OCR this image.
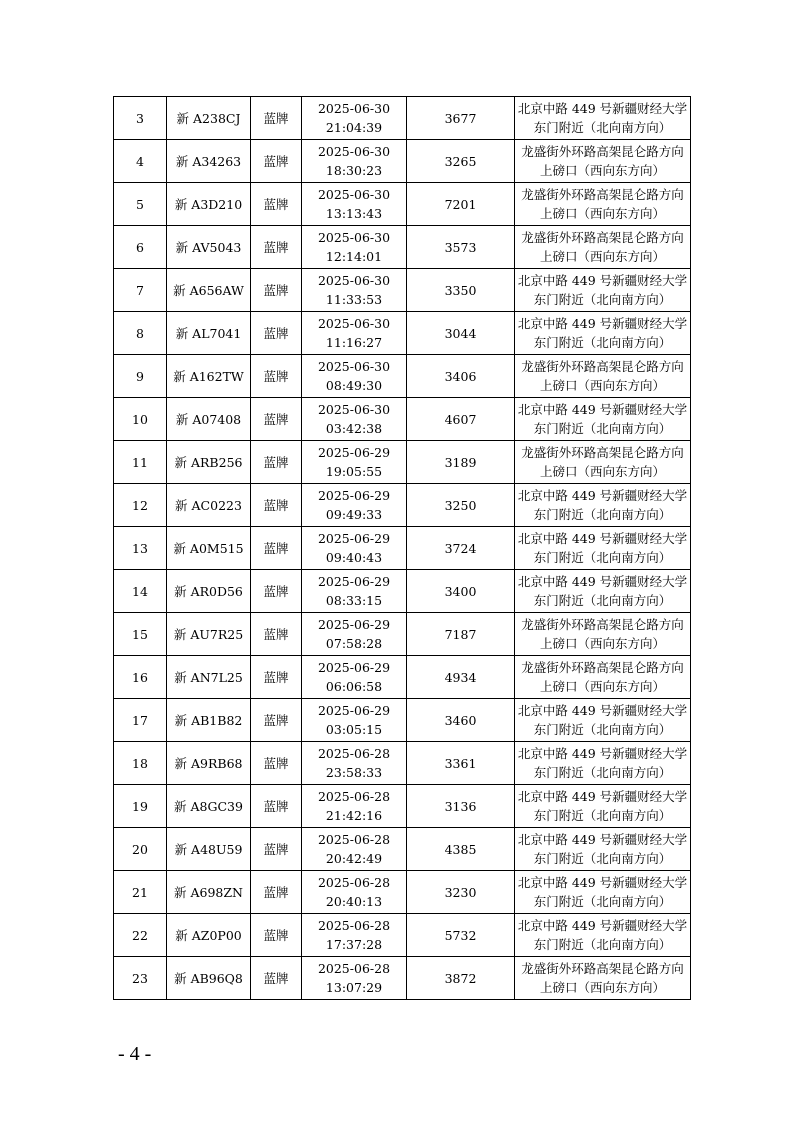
3	新 A238CJ	蓝牌	2025-06-30
21:04:39	3677	北京中路 449 号新疆财经大学
东门附近（北向南方向）

4	新 A34263	蓝牌	2025-06-30
18:30:23	3265	龙盛街外环路高架昆仑路方向
上磅口（西向东方向）

5	新 A3D210	蓝牌	2025-06-30
13:13:43	7201	龙盛街外环路高架昆仑路方向
上磅口（西向东方向）

6	新 AV5043	蓝牌	2025-06-30
12:14:01	3573	龙盛街外环路高架昆仑路方向
上磅口（西向东方向）

7	新 A656AW	蓝牌	2025-06-30
11:33:53	3350	北京中路 449 号新疆财经大学
东门附近（北向南方向）

8	新 AL7041	蓝牌	2025-06-30
11:16:27	3044	北京中路 449 号新疆财经大学
东门附近（北向南方向）

9	新 A162TW	蓝牌	2025-06-30
08:49:30	3406	龙盛街外环路高架昆仑路方向
上磅口（西向东方向）

10	新 A07408	蓝牌	2025-06-30
03:42:38	4607	北京中路 449 号新疆财经大学
东门附近（北向南方向）

11	新 ARB256	蓝牌	2025-06-29
19:05:55	3189	龙盛街外环路高架昆仑路方向
上磅口（西向东方向）

12	新 AC0223	蓝牌	2025-06-29
09:49:33	3250	北京中路 449 号新疆财经大学
东门附近（北向南方向）

13	新 A0M515	蓝牌	2025-06-29
09:40:43	3724	北京中路 449 号新疆财经大学
东门附近（北向南方向）

14	新 AR0D56	蓝牌	2025-06-29
08:33:15	3400	北京中路 449 号新疆财经大学
东门附近（北向南方向）

15	新 AU7R25	蓝牌	2025-06-29
07:58:28	7187	龙盛街外环路高架昆仑路方向
上磅口（西向东方向）

16	新 AN7L25	蓝牌	2025-06-29
06:06:58	4934	龙盛街外环路高架昆仑路方向
上磅口（西向东方向）

17	新 AB1B82	蓝牌	2025-06-29
03:05:15	3460	北京中路 449 号新疆财经大学
东门附近（北向南方向）

18	新 A9RB68	蓝牌	2025-06-28
23:58:33	3361	北京中路 449 号新疆财经大学
东门附近（北向南方向）

19	新 A8GC39	蓝牌	2025-06-28
21:42:16	3136	北京中路 449 号新疆财经大学
东门附近（北向南方向）

20	新 A48U59	蓝牌	2025-06-28
20:42:49	4385	北京中路 449 号新疆财经大学
东门附近（北向南方向）

21	新 A698ZN	蓝牌	2025-06-28
20:40:13	3230	北京中路 449 号新疆财经大学
东门附近（北向南方向）

22	新 AZ0P00	蓝牌	2025-06-28
17:37:28	5732	北京中路 449 号新疆财经大学
东门附近（北向南方向）

23	新 AB96Q8	蓝牌	2025-06-28
13:07:29	3872	龙盛街外环路高架昆仑路方向
上磅口（西向东方向）
- 4 -
